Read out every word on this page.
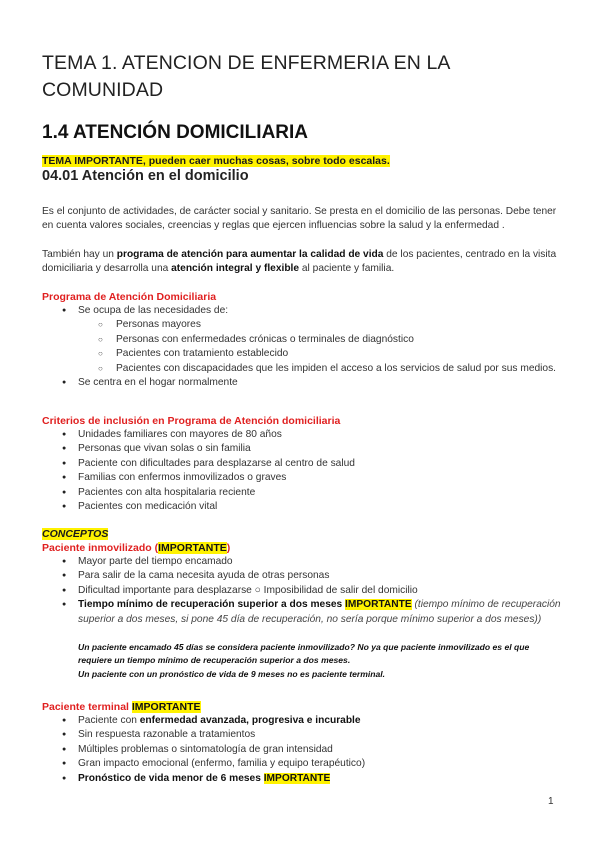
TEMA 1. ATENCION DE ENFERMERIA EN LA COMUNIDAD
1.4 ATENCIÓN DOMICILIARIA

TEMA IMPORTANTE, pueden caer muchas cosas, sobre todo escalas.

04.01 Atención en el domicilio

Es el conjunto de actividades, de carácter social y sanitario. Se presta en el domicilio de las personas. Debe tener en cuenta valores sociales, creencias y reglas que ejercen influencias sobre la salud y la enfermedad .

También hay un programa de atención para aumentar la calidad de vida de los pacientes, centrado en la visita domiciliaria y desarrolla una atención integral y flexible al paciente y familia.

Programa de Atención Domiciliaria

● Se ocupa de las necesidades de:
○ Personas mayores
○ Personas con enfermedades crónicas o terminales de diagnóstico
○ Pacientes con tratamiento establecido
○ Pacientes con discapacidades que les impiden el acceso a los servicios de salud por sus medios.
● Se centra en el hogar normalmente

Criterios de inclusión en Programa de Atención domiciliaria

● Unidades familiares con mayores de 80 años
● Personas que vivan solas o sin familia
● Paciente con dificultades para desplazarse al centro de salud
● Familias con enfermos inmovilizados o graves
● Pacientes con alta hospitalaria reciente
● Pacientes con medicación vital

CONCEPTOS

Paciente inmovilizado (IMPORTANTE)

● Mayor parte del tiempo encamado
● Para salir de la cama necesita ayuda de otras personas
● Dificultad importante para desplazarse ○ Imposibilidad de salir del domicilio
● Tiempo mínimo de recuperación superior a dos meses IMPORTANTE (tiempo mínimo de recuperación superior a dos meses, si pone 45 día de recuperación, no sería porque mínimo superior a dos meses))

Un paciente encamado 45 días se considera paciente inmovilizado? No ya que paciente inmovilizado es el que requiere un tiempo mínimo de recuperación superior a dos meses.

Un paciente con un pronóstico de vida de 9 meses no es paciente terminal.

Paciente terminal IMPORTANTE

● Paciente con enfermedad avanzada, progresiva e incurable
● Sin respuesta razonable a tratamientos
● Múltiples problemas o sintomatología de gran intensidad
● Gran impacto emocional (enfermo, familia y equipo terapéutico)
● Pronóstico de vida menor de 6 meses IMPORTANTE

1
